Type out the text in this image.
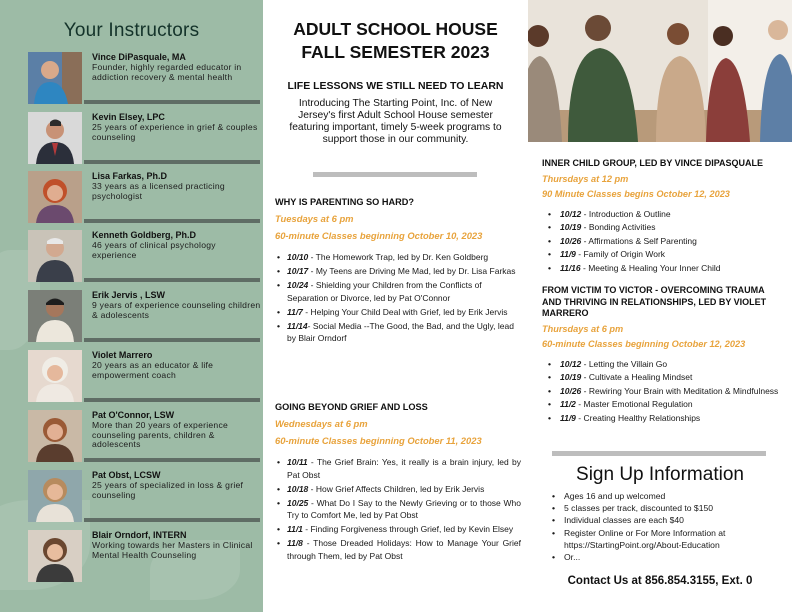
Your Instructors
Vince DiPasquale, MA
Founder, highly regarded educator in addiction recovery & mental health
Kevin Elsey, LPC
25 years of experience in grief & couples counseling
Lisa Farkas, Ph.D
33 years as a licensed practicing psychologist
Kenneth Goldberg, Ph.D
46 years of clinical psychology experience
Erik Jervis , LSW
9 years of experience counseling children & adolescents
Violet Marrero
20 years as an educator & life empowerment coach
Pat O'Connor, LSW
More than 20 years of experience counseling parents, children & adolescents
Pat Obst, LCSW
25 years of specialized in loss & grief counseling
Blair Orndorf, INTERN
Working towards her Masters in Clinical Mental Health Counseling
ADULT SCHOOL HOUSE
FALL SEMESTER 2023
LIFE LESSONS WE STILL NEED TO LEARN
Introducing The Starting Point, Inc. of New Jersey's first Adult School House semester featuring important, timely 5-week programs to support those in our community.
WHY IS PARENTING SO HARD?
Tuesdays at 6 pm
60-minute Classes beginning October 10, 2023
• 10/10 - The Homework Trap, led by Dr. Ken Goldberg
• 10/17 - My Teens are Driving Me Mad, led by Dr. Lisa Farkas
• 10/24 - Shielding your Children from the Conflicts of Separation or Divorce, led by Pat O'Connor
• 11/7 - Helping Your Child Deal with Grief, led by Erik Jervis
• 11/14- Social Media --The Good, the Bad, and the Ugly, lead by Blair Orndorf
GOING BEYOND GRIEF AND LOSS
Wednesdays at 6 pm
60-minute Classes beginning October 11, 2023
• 10/11 - The Grief Brain: Yes, it really is a brain injury, led by Pat Obst
• 10/18 - How Grief Affects Children, led by Erik Jervis
• 10/25 - What Do I Say to the Newly Grieving or to those Who Try to Comfort Me, led by Pat Obst
• 11/1 - Finding Forgiveness through Grief, led by Kevin Elsey
• 11/8 - Those Dreaded Holidays: How to Manage Your Grief through Them, led by Pat Obst
INNER CHILD GROUP, LED BY VINCE DIPASQUALE
Thursdays at 12 pm
90 Minute Classes begins October 12, 2023
• 10/12 - Introduction & Outline
• 10/19 - Bonding Activities
• 10/26 - Affirmations & Self Parenting
• 11/9 - Family of Origin Work
• 11/16 - Meeting & Healing Your Inner Child
FROM VICTIM TO VICTOR - OVERCOMING TRAUMA AND THRIVING IN RELATIONSHIPS, LED BY VIOLET MARRERO
Thursdays at 6 pm
60-minute Classes beginning October 12, 2023
• 10/12 - Letting the Villain Go
• 10/19 - Cultivate a Healing Mindset
• 10/26 - Rewiring Your Brain with Meditation & Mindfulness
• 11/2 - Master Emotional Regulation
• 11/9 - Creating Healthy Relationships
Sign Up Information
• Ages 16 and up welcomed
• 5 classes per track, discounted to $150
• Individual classes are each $40
• Register Online or For More Information at https://StartingPoint.org/About-Education
• Or...
Contact Us at 856.854.3155, Ext. 0
